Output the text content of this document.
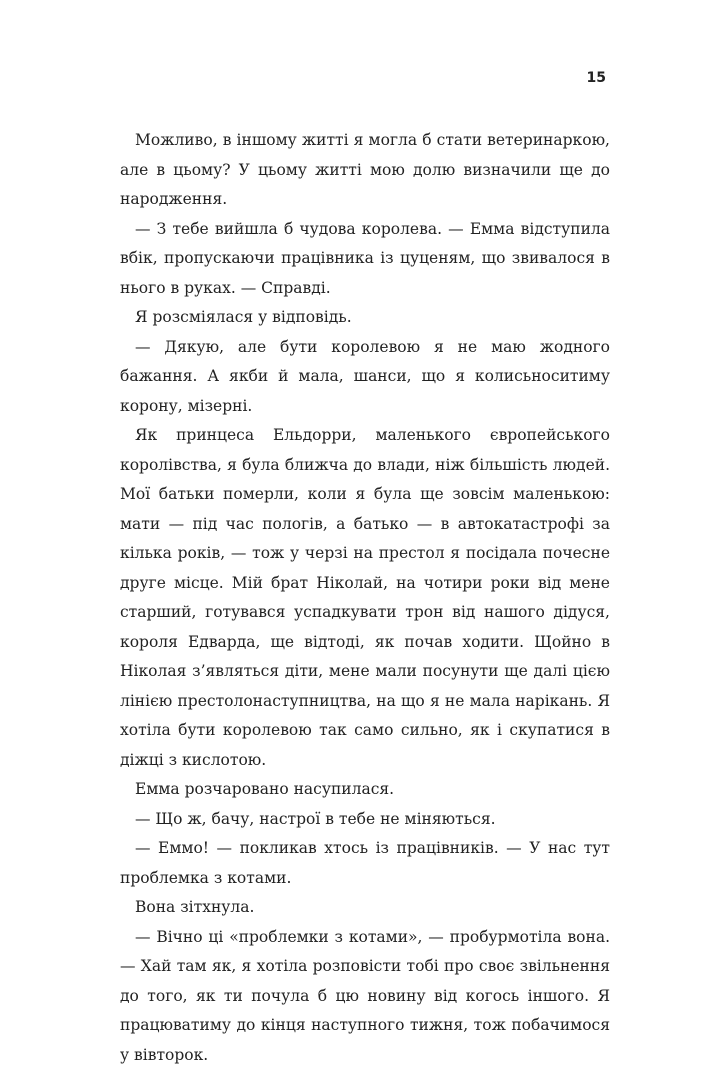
15

Можливо, в іншому житті я могла б стати ветеринаркою, але в цьому? У цьому житті мою долю визначили ще до народження.

— З тебе вийшла б чудова королева. — Емма відступила вбік, пропускаючи працівника із цуценям, що звивалося в нього в руках. — Справді.

Я розсміялася у відповідь.

— Дякую, але бути королевою я не маю жодного бажання. А якби й мала, шанси, що я колисьноситиму корону, мізерні.

Як принцеса Ельдорри, маленького європейського королівства, я була ближча до влади, ніж більшість людей. Мої батьки померли, коли я була ще зовсім маленькою: мати — під час пологів, а батько — в автокатастрофі за кілька років, — тож у черзі на престол я посідала почесне друге місце. Мій брат Ніколай, на чотири роки від мене старший, готувався успадкувати трон від нашого дідуся, короля Едварда, ще відтоді, як почав ходити. Щойно в Ніколая з’являться діти, мене мали посунути ще далі цією лінією престолонаступництва, на що я не мала нарікань. Я хотіла бути королевою так само сильно, як і скупатися в діжці з кислотою.

Емма розчаровано насупилася.

— Що ж, бачу, настрої в тебе не міняються.

— Еммо! — покликав хтось із працівників. — У нас тут проблемка з котами.

Вона зітхнула.

— Вічно ці «проблемки з котами», — пробурмотіла вона. — Хай там як, я хотіла розповісти тобі про своє звільнення до того, як ти почула б цю новину від когось іншого. Я працюватиму до кінця наступного тижня, тож побачимося у вівторок.
